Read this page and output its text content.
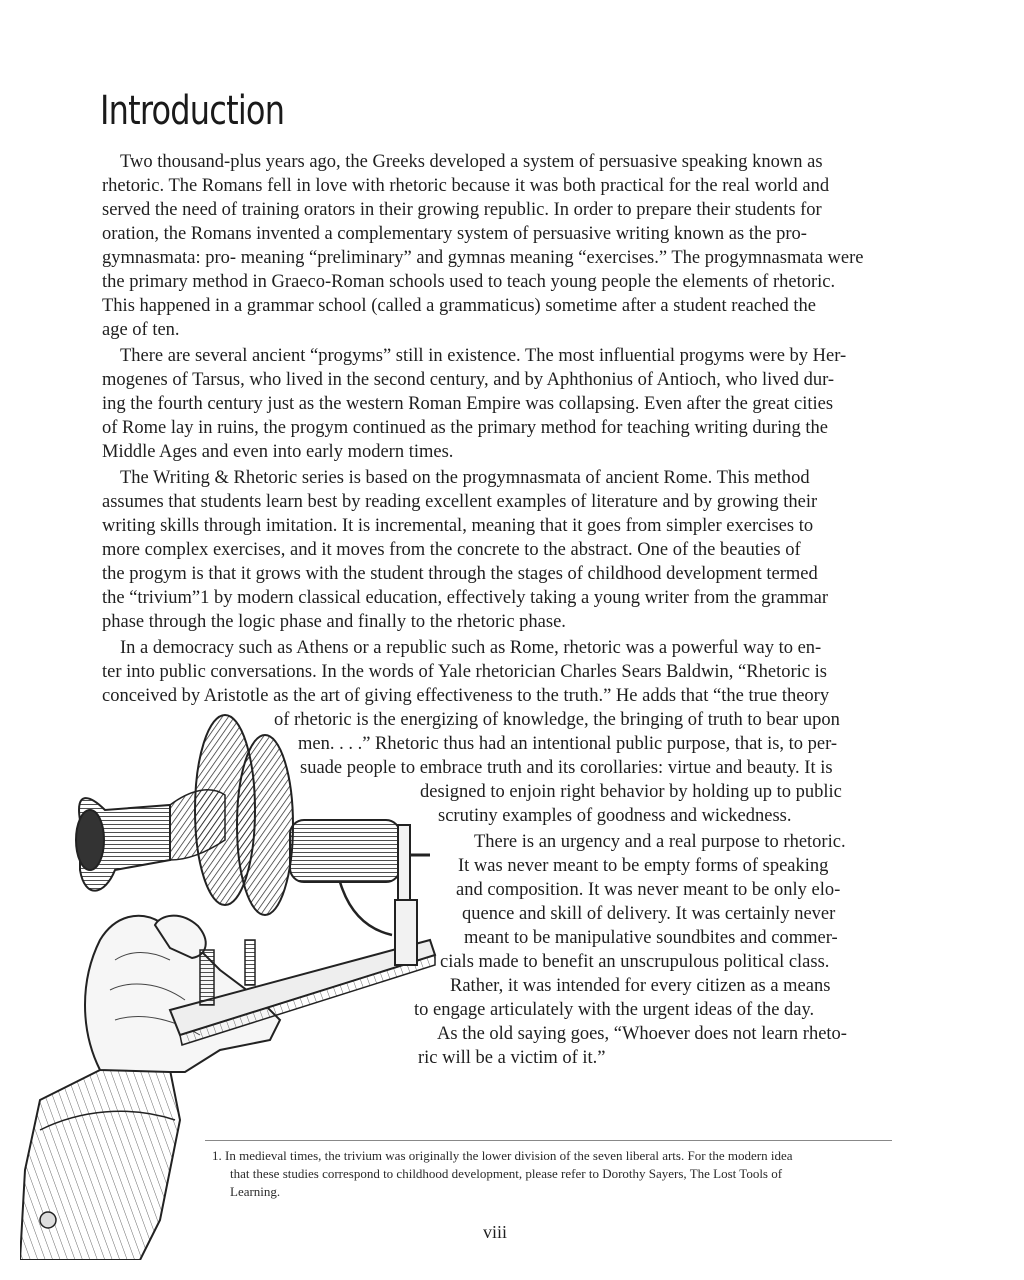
Introduction
Two thousand-plus years ago, the Greeks developed a system of persuasive speaking known as
rhetoric. The Romans fell in love with rhetoric because it was both practical for the real world and
served the need of training orators in their growing republic. In order to prepare their students for
oration, the Romans invented a complementary system of persuasive writing known as the pro-
gymnasmata: pro- meaning “preliminary” and gymnas meaning “exercises.” The progymnasmata were
the primary method in Graeco-Roman schools used to teach young people the elements of rhetoric.
This happened in a grammar school (called a grammaticus) sometime after a student reached the
age of ten.
There are several ancient “progyms” still in existence. The most influential progyms were by Her-
mogenes of Tarsus, who lived in the second century, and by Aphthonius of Antioch, who lived dur-
ing the fourth century just as the western Roman Empire was collapsing. Even after the great cities
of Rome lay in ruins, the progym continued as the primary method for teaching writing during the
Middle Ages and even into early modern times.
The Writing & Rhetoric series is based on the progymnasmata of ancient Rome. This method
assumes that students learn best by reading excellent examples of literature and by growing their
writing skills through imitation. It is incremental, meaning that it goes from simpler exercises to
more complex exercises, and it moves from the concrete to the abstract. One of the beauties of
the progym is that it grows with the student through the stages of childhood development termed
the “trivium”1 by modern classical education, effectively taking a young writer from the grammar
phase through the logic phase and finally to the rhetoric phase.
In a democracy such as Athens or a republic such as Rome, rhetoric was a powerful way to en-
ter into public conversations. In the words of Yale rhetorician Charles Sears Baldwin, “Rhetoric is
conceived by Aristotle as the art of giving effectiveness to the truth.” He adds that “the true theory
of rhetoric is the energizing of knowledge, the bringing of truth to bear upon
men. . . .” Rhetoric thus had an intentional public purpose, that is, to per-
suade people to embrace truth and its corollaries: virtue and beauty. It is
designed to enjoin right behavior by holding up to public
scrutiny examples of goodness and wickedness.
There is an urgency and a real purpose to rhetoric.
It was never meant to be empty forms of speaking
and composition. It was never meant to be only elo-
quence and skill of delivery. It was certainly never
meant to be manipulative soundbites and commer-
cials made to benefit an unscrupulous political class.
Rather, it was intended for every citizen as a means
to engage articulately with the urgent ideas of the day.
As the old saying goes, “Whoever does not learn rheto-
ric will be a victim of it.”
1. In medieval times, the trivium was originally the lower division of the seven liberal arts. For the modern idea
that these studies correspond to childhood development, please refer to Dorothy Sayers, The Lost Tools of
Learning.
viii
